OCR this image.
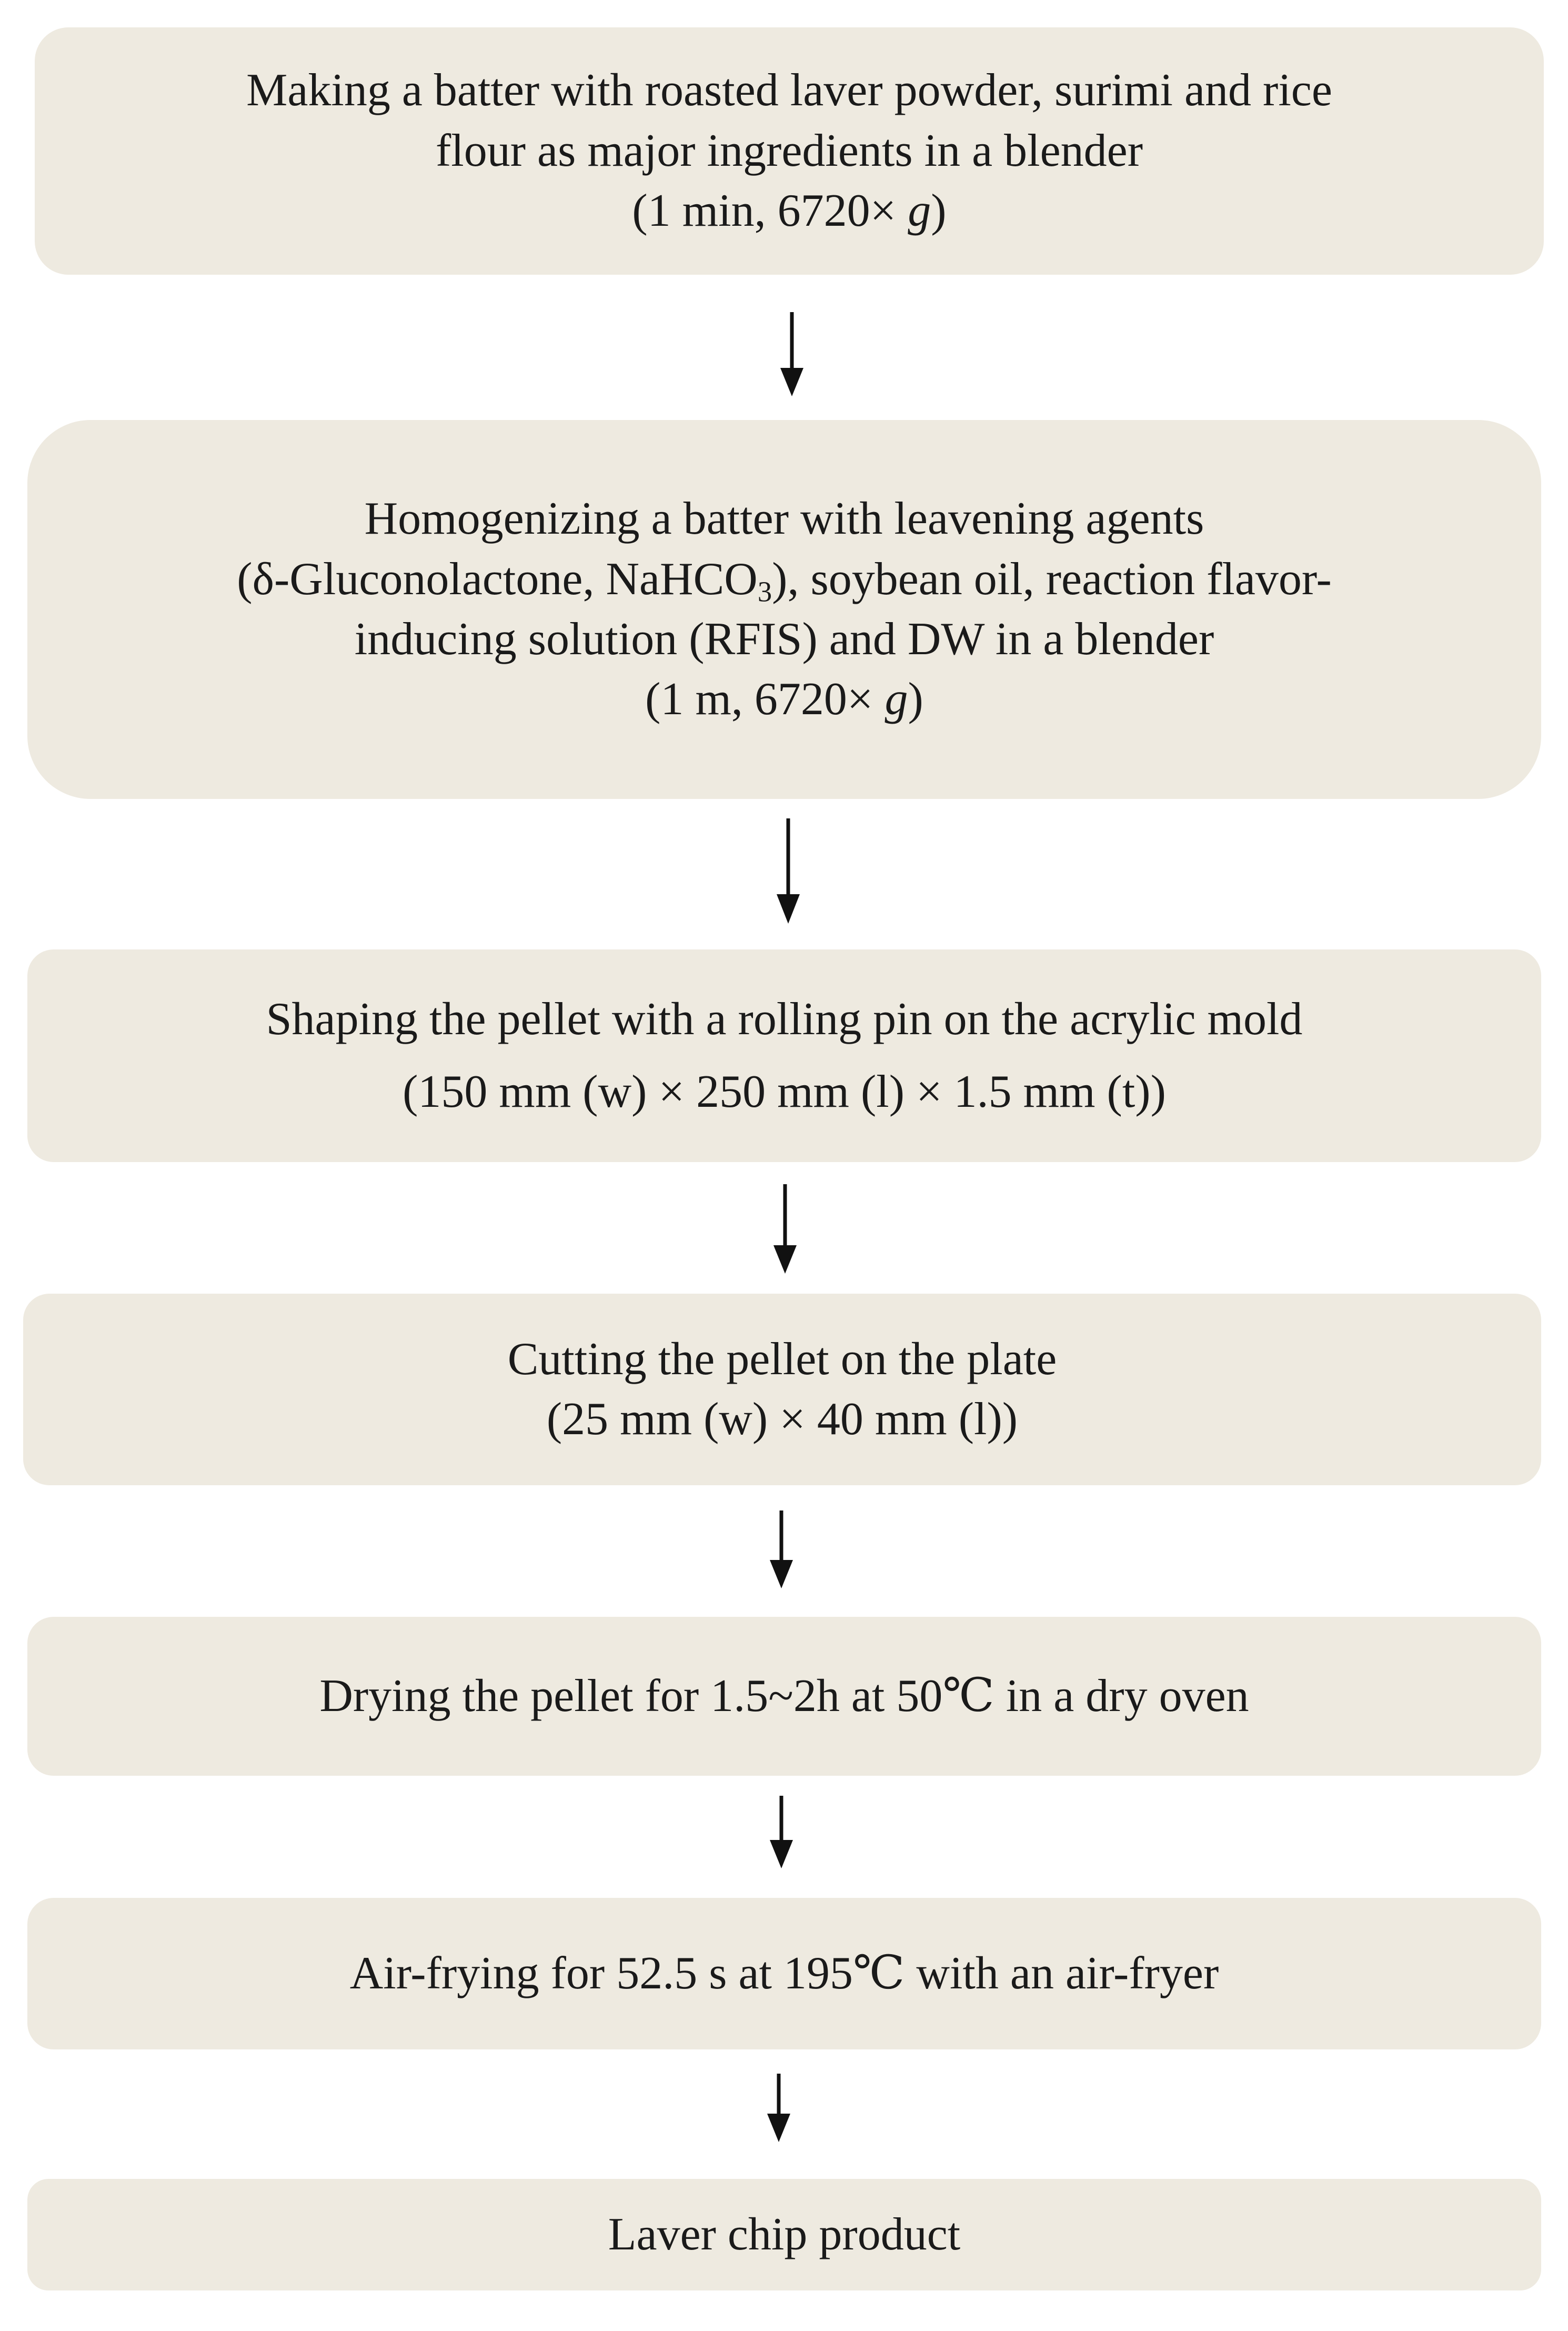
Making a batter with roasted laver powder, surimi and rice
flour as major ingredients in a blender
(1 min, 6720× g)
Homogenizing a batter with leavening agents
(δ-Gluconolactone, NaHCO$_3$), soybean oil, reaction flavor-
inducing solution (RFIS) and DW in a blender
(1 m, 6720× g)
Shaping the pellet with a rolling pin on the acrylic mold
(150 mm (w) × 250 mm (l) × 1.5 mm (t))
Cutting the pellet on the plate
(25 mm (w) × 40 mm (l))
Drying the pellet for 1.5~2h at 50℃ in a dry oven
Air-frying for 52.5 s at 195℃ with an air-fryer
Laver chip product
